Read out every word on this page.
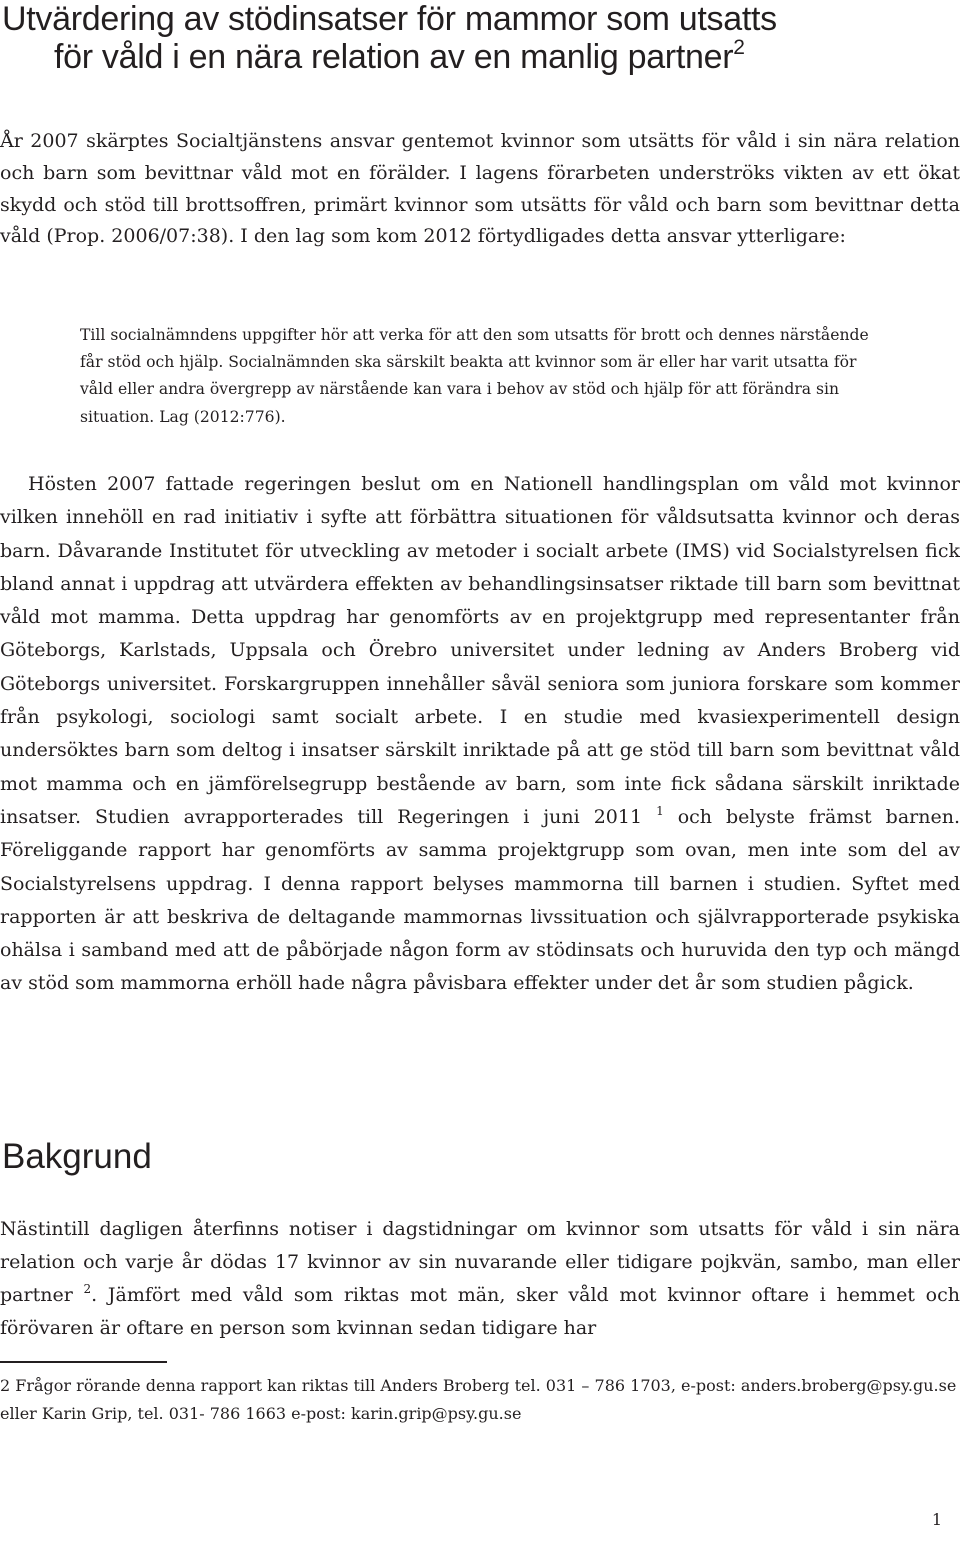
Utvärdering av stödinsatser för mammor som utsatts
för våld i en nära relation av en manlig partner$^2$

År 2007 skärptes Socialtjänstens ansvar gentemot kvinnor som utsätts för våld i sin nära relation och barn som bevittnar våld mot en förälder. I lagens förarbeten underströks vikten av ett ökat skydd och stöd till brottsoffren, primärt kvinnor som utsätts för våld och barn som bevittnar detta våld (Prop. 2006/07:38). I den lag som kom 2012 förtydligades detta ansvar ytterligare:

Till socialnämndens uppgifter hör att verka för att den som utsatts för brott och dennes närstående får stöd och hjälp. Socialnämnden ska särskilt beakta att kvinnor som är eller har varit utsatta för våld eller andra övergrepp av närstående kan vara i behov av stöd och hjälp för att förändra sin situation. Lag (2012:776).

Hösten 2007 fattade regeringen beslut om en Nationell handlingsplan om våld mot kvinnor vilken innehöll en rad initiativ i syfte att förbättra situationen för våldsutsatta kvinnor och deras barn. Dåvarande Institutet för utveckling av metoder i socialt arbete (IMS) vid Socialstyrelsen fick bland annat i uppdrag att utvärdera effekten av behandlingsinsatser riktade till barn som bevittnat våld mot mamma. Detta uppdrag har genomförts av en projektgrupp med representanter från Göteborgs, Karlstads, Uppsala och Örebro universitet under ledning av Anders Broberg vid Göteborgs universitet. Forskargruppen innehåller såväl seniora som juniora forskare som kommer från psykologi, sociologi samt socialt arbete. I en studie med kvasiexperimentell design undersöktes barn som deltog i insatser särskilt inriktade på att ge stöd till barn som bevittnat våld mot mamma och en jämförelsegrupp bestående av barn, som inte fick sådana särskilt inriktade insatser. Studien avrapporterades till Regeringen i juni 2011 $^1$ och belyste främst barnen. Föreliggande rapport har genomförts av samma projektgrupp som ovan, men inte som del av Socialstyrelsens uppdrag. I denna rapport belyses mammorna till barnen i studien. Syftet med rapporten är att beskriva de deltagande mammornas livssituation och självrapporterade psykiska ohälsa i samband med att de påbörjade någon form av stödinsats och huruvida den typ och mängd av stöd som mammorna erhöll hade några påvisbara effekter under det år som studien pågick.

Bakgrund

Nästintill dagligen återfinns notiser i dagstidningar om kvinnor som utsatts för våld i sin nära relation och varje år dödas 17 kvinnor av sin nuvarande eller tidigare pojkvän, sambo, man eller partner $^2$. Jämfört med våld som riktas mot män, sker våld mot kvinnor oftare i hemmet och förövaren är oftare en person som kvinnan sedan tidigare har

2 Frågor rörande denna rapport kan riktas till Anders Broberg tel. 031 – 786 1703, e-post: anders.broberg@psy.gu.se eller Karin Grip, tel. 031- 786 1663 e-post: karin.grip@psy.gu.se

1
